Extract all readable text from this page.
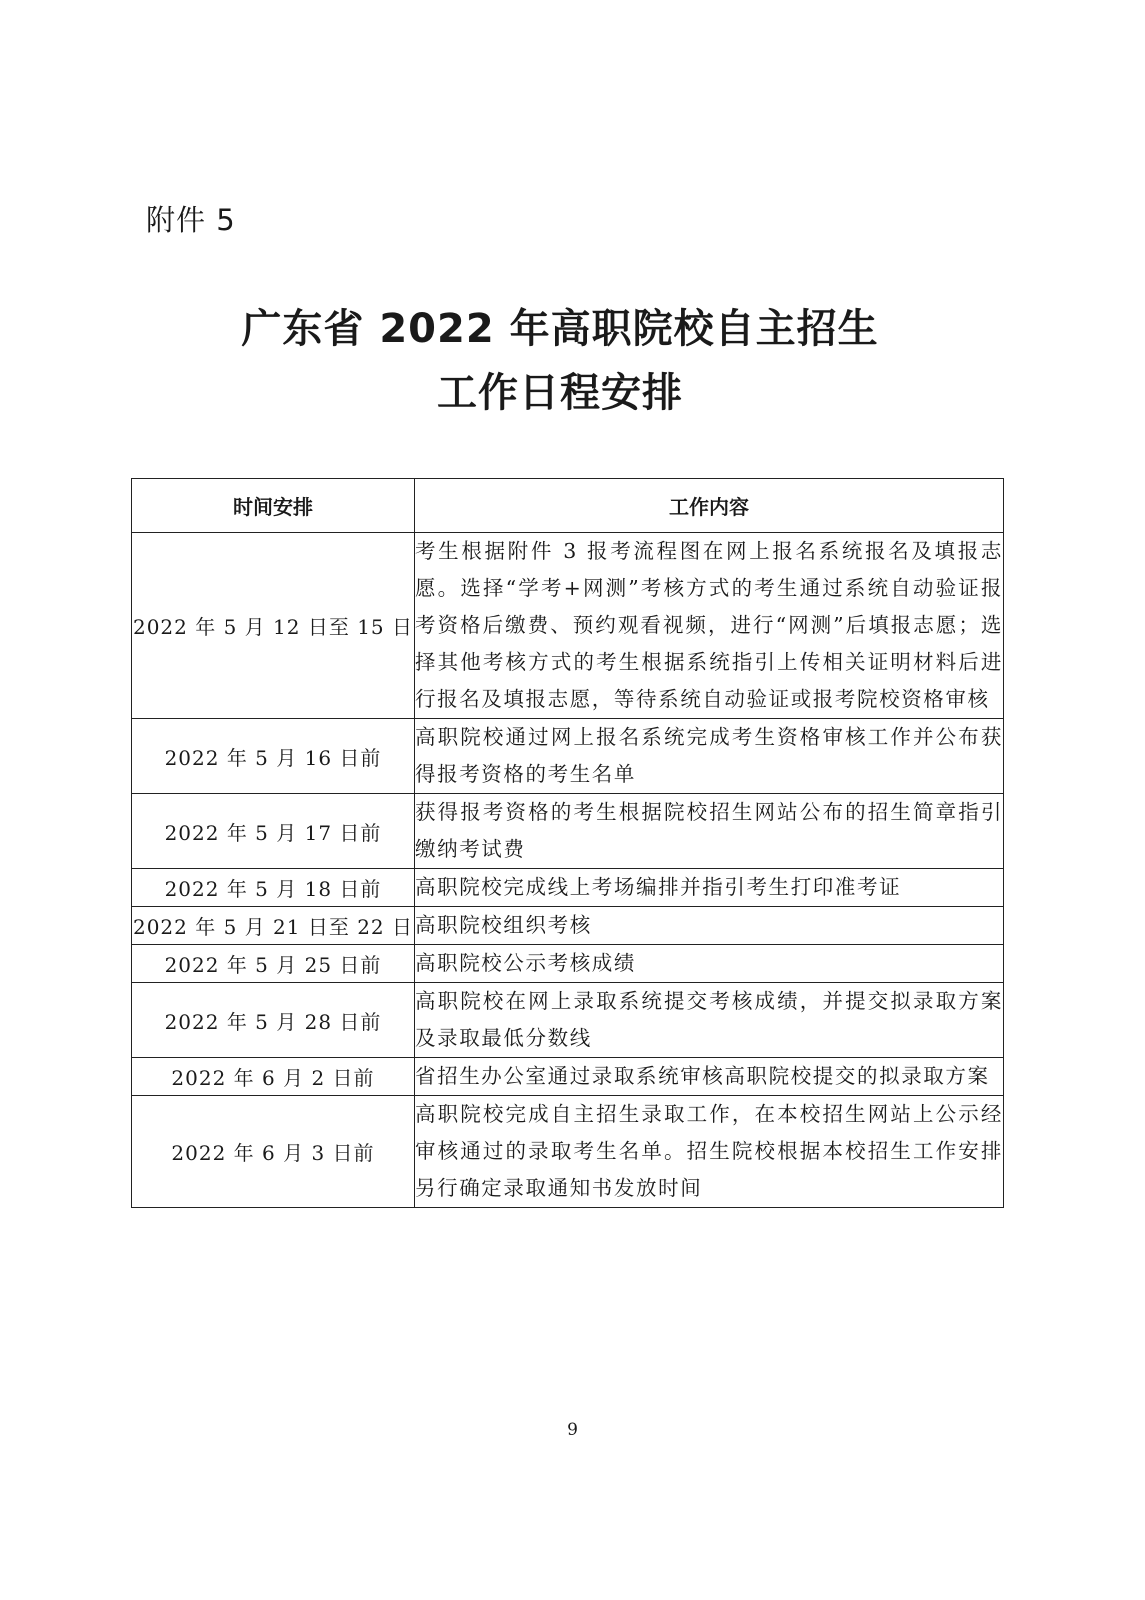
附件 5
广东省 2022 年高职院校自主招生
工作日程安排
时间安排	工作内容
2022 年 5 月 12 日至 15 日	考生根据附件 3 报考流程图在网上报名系统报名及填报志愿。选择“学考+网测”考核方式的考生通过系统自动验证报考资格后缴费、预约观看视频，进行“网测”后填报志愿；选择其他考核方式的考生根据系统指引上传相关证明材料后进行报名及填报志愿，等待系统自动验证或报考院校资格审核
2022 年 5 月 16 日前	高职院校通过网上报名系统完成考生资格审核工作并公布获得报考资格的考生名单
2022 年 5 月 17 日前	获得报考资格的考生根据院校招生网站公布的招生简章指引缴纳考试费
2022 年 5 月 18 日前	高职院校完成线上考场编排并指引考生打印准考证
2022 年 5 月 21 日至 22 日	高职院校组织考核
2022 年 5 月 25 日前	高职院校公示考核成绩
2022 年 5 月 28 日前	高职院校在网上录取系统提交考核成绩，并提交拟录取方案及录取最低分数线
2022 年 6 月 2 日前	省招生办公室通过录取系统审核高职院校提交的拟录取方案
2022 年 6 月 3 日前	高职院校完成自主招生录取工作，在本校招生网站上公示经审核通过的录取考生名单。招生院校根据本校招生工作安排另行确定录取通知书发放时间
9
